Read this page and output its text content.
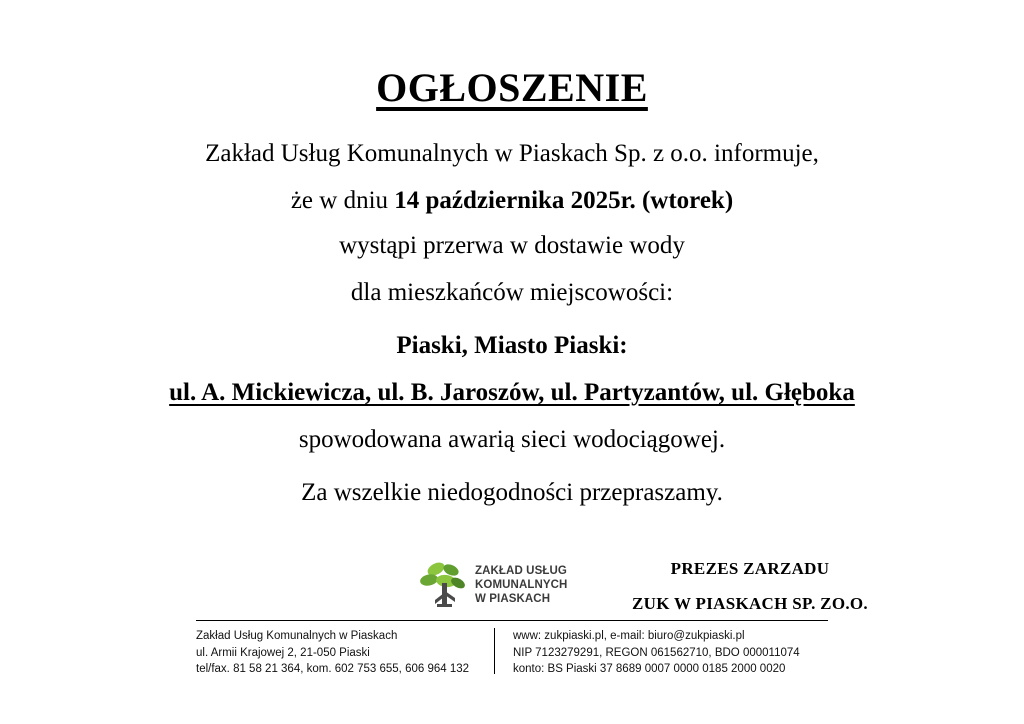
OGŁOSZENIE

Zakład Usług Komunalnych w Piaskach Sp. z o.o. informuje,

że w dniu 14 października 2025r. (wtorek)

wystąpi przerwa w dostawie wody

dla mieszkańców miejscowości:

Piaski, Miasto Piaski:

ul. A. Mickiewicza, ul. B. Jaroszów, ul. Partyzantów, ul. Głęboka

spowodowana awarią sieci wodociągowej.

Za wszelkie niedogodności przepraszamy.

ZAKŁAD USŁUG
KOMUNALNYCH
W PIASKACH
PREZES ZARZADU
ZUK W PIASKACH SP. ZO.O.

Zakład Usług Komunalnych w Piaskach

ul. Armii Krajowej 2, 21-050 Piaski

tel/fax. 81 58 21 364, kom. 602 753 655, 606 964 132

www: zukpiaski.pl, e-mail: biuro@zukpiaski.pl

NIP 7123279291, REGON 061562710, BDO 000011074

konto: BS Piaski 37 8689 0007 0000 0185 2000 0020
